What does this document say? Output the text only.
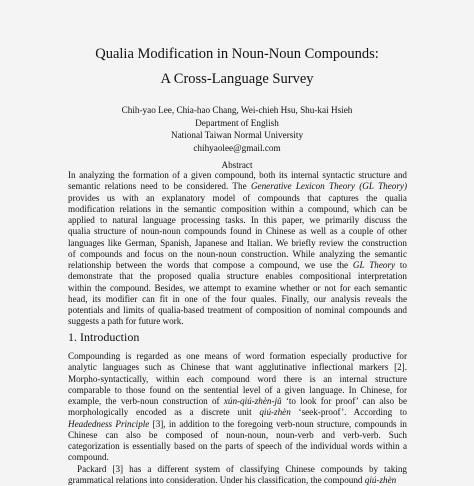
Qualia Modification in Noun-Noun Compounds:
A Cross-Language Survey
Chih-yao Lee, Chia-hao Chang, Wei-chieh Hsu, Shu-kai Hsieh
Department of English
National Taiwan Normal University
chihyaolee@gmail.com
Abstract
In analyzing the formation of a given compound, both its internal syntactic structure and
semantic relations need to be considered. The Generative Lexicon Theory (GL Theory)
provides us with an explanatory model of compounds that captures the qualia
modification relations in the semantic composition within a compound, which can be
applied to natural language processing tasks. In this paper, we primarily discuss the
qualia structure of noun-noun compounds found in Chinese as well as a couple of other
languages like German, Spanish, Japanese and Italian. We briefly review the construction
of compounds and focus on the noun-noun construction. While analyzing the semantic
relationship between the words that compose a compound, we use the GL Theory to
demonstrate that the proposed qualia structure enables compositional interpretation
within the compound. Besides, we attempt to examine whether or not for each semantic
head, its modifier can fit in one of the four quales. Finally, our analysis reveals the
potentials and limits of qualia-based treatment of composition of nominal compounds and
suggests a path for future work.
1. Introduction
Compounding is regarded as one means of word formation especially productive for
analytic languages such as Chinese that want agglutinative inflectional markers [2].
Morpho-syntactically, within each compound word there is an internal structure
comparable to those found on the sentential level of a given language. In Chinese, for
example, the verb-noun construction of xún-qiú-zhèn-jǔ ‘to look for proof’ can also be
morphologically encoded as a discrete unit qiú-zhèn ‘seek-proof’. According to
Headedness Principle [3], in addition to the foregoing verb-noun structure, compounds in
Chinese can also be composed of noun-noun, noun-verb and verb-verb. Such
categorization is essentially based on the parts of speech of the individual words within a
compound.
Packard [3] has a different system of classifying Chinese compounds by taking
grammatical relations into consideration. Under his classification, the compound qiú-zhèn
